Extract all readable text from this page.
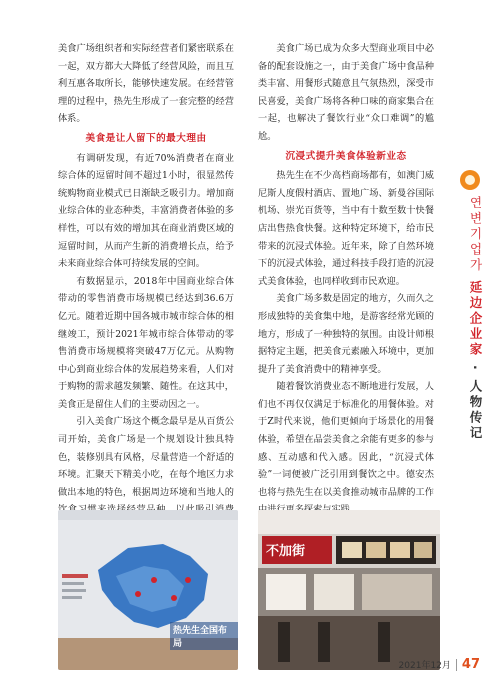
美食广场组织者和实际经营者们紧密联系在一起，双方都大大降低了经营风险，而且互利互惠各取所长，能够快速发展。在经营管理的过程中，热先生形成了一套完整的经营体系。

美食是让人留下的最大理由

有调研发现，有近70%消费者在商业综合体的逗留时间不超过1小时，很显然传统购物商业模式已日渐缺乏吸引力。增加商业综合体的业态种类，丰富消费者体验的多样性，可以有效的增加其在商业消费区域的逗留时间，从而产生新的消费增长点，给予未来商业综合体可持续发展的空间。

有数据显示，2018年中国商业综合体带动的零售消费市场规模已经达到36.6万亿元。随着近期中国各城市城市综合体的相继竣工，预计2021年城市综合体带动的零售消费市场规模将突破47万亿元。从购物中心到商业综合体的发展趋势来看，人们对于购物的需求越发频繁、随性。在这其中，美食正是留住人们的主要动因之一。

引入美食广场这个概念最早是从百货公司开始，美食广场是一个规划设计独具特色，装修别具有风格，尽量营造一个舒适的环境。汇聚天下精美小吃，在每个地区力求做出本地的特色，根据周边环境和当地人的

美食广场已成为众多大型商业项目中必备的配套设施之一，由于美食广场中食品种类丰富、用餐形式随意且气氛热烈，深受市民喜爱，美食广场将各种口味的商家集合在一起，也解决了餐饮行业“众口难调”的尴尬。

沉浸式提升美食体验新业态

热先生在不少高档商场都有，如澳门威尼斯人度假村酒店、置地广场、新曼谷国际机场、崇光百货等，当中有十数至数十快餐店出售热食快餐。这种特定环境下，给市民带来的沉浸式体验。近年来，除了自然环境下的沉浸式体验，通过科技手段打造的沉浸式美食体验，也同样收到市民欢迎。

美食广场多数是固定的地方，久而久之形成独特的美食集中地，是游客经常光顾的地方，形成了一种独特的氛围。由设计师根据特定主题，把美食元素融入环境中，更加提升了美食消费中的精神享受。

随着餐饮消费业态不断地进行发展，人们也不再仅仅满足于标准化的用餐体验。对于Z时代来说，他们更倾向于场景化的用餐体验，希望在品尝美食之余能有更多的参与感、互动感和代入感。因此，“沉浸式体验”一词便被广泛引用到餐饮之中。德安杰也将与热先生在以美食推动城市品牌的工作

热先生全国布局
不加街
연변기업가 延边企业家 · 人物传记
2021年12月 47
